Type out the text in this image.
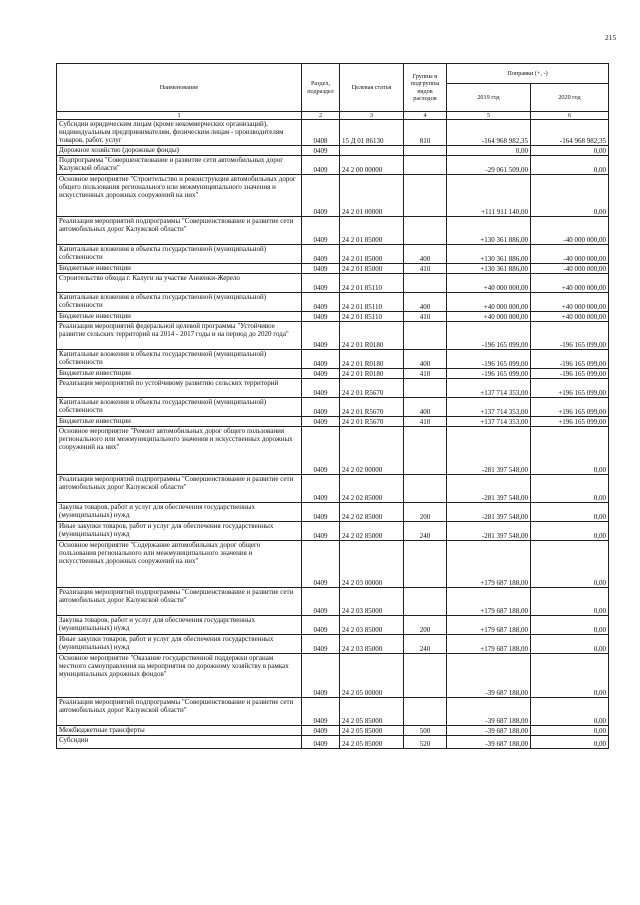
215
Наименование	Раздел, подраздел	Целевая статья	Группы и подгруппы видов расходов	Поправки (+, -)	
				2019 год	2020 год
1	2	3	4	5	6
Субсидии юридическим лицам (кроме некоммерческих организаций), индивидуальным предпринимателям, физическим лицам - производителям товаров, работ, услуг	0408	15 Д 01 86130	810	-164 968 982,35	-164 968 982,35
Дорожное хозяйство (дорожные фонды)	0409			0,00	0,00
Подпрограмма "Совершенствование и развитие сети автомобильных дорог Калужской области"	0409	24 2 00 00000		-29 061 509,00	0,00
Основное мероприятие "Строительство и реконструкция автомобильных дорог общего пользования регионального или межмуниципального значения и искусственных дорожных сооружений на них"	0409	24 2 01 00000		+111 911 140,00	0,00
Реализация мероприятий подпрограммы "Совершенствование и развитие сети автомобильных дорог Калужской области"	0409	24 2 01 85000		+130 361 886,00	-40 000 000,00
Капитальные вложения в объекты государственной (муниципальной) собственности	0409	24 2 01 85000	400	+130 361 886,00	-40 000 000,00
Бюджетные инвестиции	0409	24 2 01 85000	410	+130 361 886,00	-40 000 000,00
Строительство обхода г. Калуги на участке Анненки-Жерело	0409	24 2 01 85110		+40 000 000,00	+40 000 000,00
Капитальные вложения в объекты государственной (муниципальной) собственности	0409	24 2 01 85110	400	+40 000 000,00	+40 000 000,00
Бюджетные инвестиции	0409	24 2 01 85110	410	+40 000 000,00	+40 000 000,00
Реализация мероприятий федеральной целевой программы "Устойчивое развитие сельских территорий на 2014 - 2017 годы и на период до 2020 года"	0409	24 2 01 R0180		-196 165 099,00	-196 165 099,00
Капитальные вложения в объекты государственной (муниципальной) собственности	0409	24 2 01 R0180	400	-196 165 099,00	-196 165 099,00
Бюджетные инвестиции	0409	24 2 01 R0180	410	-196 165 099,00	-196 165 099,00
Реализация мероприятий по устойчивому развитию сельских территорий	0409	24 2 01 R5670		+137 714 353,00	+196 165 099,00
Капитальные вложения в объекты государственной (муниципальной) собственности	0409	24 2 01 R5670	400	+137 714 353,00	+196 165 099,00
Бюджетные инвестиции	0409	24 2 01 R5670	410	+137 714 353,00	+196 165 099,00
Основное мероприятие "Ремонт автомобильных дорог общего пользования регионального или межмуниципального значения и искусственных дорожных сооружений на них"	0409	24 2 02 00000		-281 397 548,00	0,00
Реализация мероприятий подпрограммы "Совершенствование и развитие сети автомобильных дорог Калужской области"	0409	24 2 02 85000		-281 397 548,00	0,00
Закупка товаров, работ и услуг для обеспечения государственных (муниципальных) нужд	0409	24 2 02 85000	200	-281 397 548,00	0,00
Иные закупки товаров, работ и услуг для обеспечения государственных (муниципальных) нужд	0409	24 2 02 85000	240	-281 397 548,00	0,00
Основное мероприятие "Содержание автомобильных дорог общего пользования регионального или межмуниципального значения и искусственных дорожных сооружений на них"	0409	24 2 03 00000		+179 687 188,00	0,00
Реализация мероприятий подпрограммы "Совершенствование и развитие сети автомобильных дорог Калужской области"	0409	24 2 03 85000		+179 687 188,00	0,00
Закупка товаров, работ и услуг для обеспечения государственных (муниципальных) нужд	0409	24 2 03 85000	200	+179 687 188,00	0,00
Иные закупки товаров, работ и услуг для обеспечения государственных (муниципальных) нужд	0409	24 2 03 85000	240	+179 687 188,00	0,00
Основное мероприятие "Оказание государственной поддержки органам местного самоуправления на мероприятия по дорожному хозяйству в рамках муниципальных дорожных фондов"	0409	24 2 05 00000		-39 687 188,00	0,00
Реализация мероприятий подпрограммы "Совершенствование и развитие сети автомобильных дорог Калужской области"	0409	24 2 05 85000		-39 687 188,00	0,00
Межбюджетные трансферты	0409	24 2 05 85000	500	-39 687 188,00	0,00
Субсидии	0409	24 2 05 85000	520	-39 687 188,00	0,00
